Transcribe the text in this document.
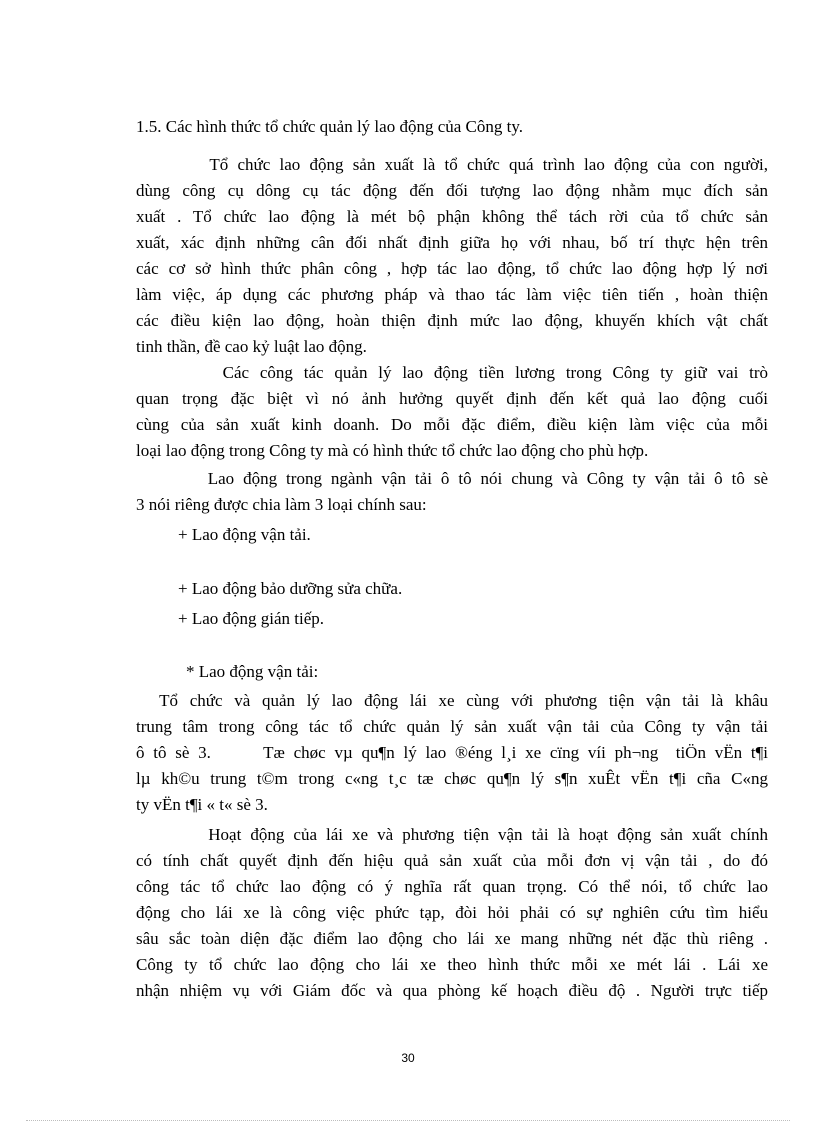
1.5. Các hình thức tổ chức quản lý lao động của Công ty.
Tổ chức lao động sản xuất là tổ chức quá trình lao động của con người,
dùng công cụ dông cụ tác động đến đối tượng lao động nhằm mục đích sản
xuất . Tổ chức lao động là mét bộ phận không thể tách rời của tổ chức sản
xuất, xác định những cân đối nhất định giữa họ với nhau, bố trí thực hện trên
các cơ sở hình thức phân công , hợp tác lao động, tổ chức lao động hợp lý nơi
làm việc, áp dụng các phương pháp và thao tác làm việc tiên tiến , hoàn thiện
các điều kiện lao động, hoàn thiện định mức lao động, khuyến khích vật chất
tinh thần, đề cao kỷ luật lao động.
Các công tác quản lý lao động tiền lương trong Công ty giữ vai trò
quan trọng đặc biệt vì nó ảnh hưởng quyết định đến kết quả lao động cuối
cùng của sản xuất kinh doanh. Do mỗi đặc điểm, điều kiện làm việc của mỗi
loại lao động trong Công ty mà có hình thức tổ chức lao động cho phù hợp.
Lao động trong ngành vận tải ô tô nói chung và Công ty vận tải ô tô sè
3 nói riêng được chia làm 3 loại chính sau:
+ Lao động vận tải.
+ Lao động bảo dưỡng sửa chữa.
+ Lao động gián tiếp.
* Lao động vận tải:
Tổ chức và quản lý lao động lái xe cùng với phương tiện vận tải là khâu
trung tâm trong công tác tổ chức quản lý sản xuất vận tải của Công ty vận tải
ô tô sè 3.      Tæ chøc vµ qu¶n lý lao ®éng l¸i xe cïng víi ph¬ng  tiÖn vËn t¶i
lµ kh©u trung t©m trong c«ng t¸c tæ chøc qu¶n lý s¶n xuÊt vËn t¶i cña C«ng
ty vËn t¶i « t« sè 3.
Hoạt động của lái xe và phương tiện vận tải là hoạt động sản xuất chính
có tính chất quyết định đến hiệu quả sản xuất của mỗi đơn vị vận tải , do đó
công tác tổ chức lao động có ý nghĩa rất quan trọng. Có thể nói, tổ chức lao
động cho lái xe là công việc phức tạp, đòi hỏi phải có sự nghiên cứu tìm hiểu
sâu sắc toàn diện đặc điểm lao động cho lái xe mang những nét đặc thù riêng .
Công ty tổ chức lao động cho lái xe theo hình thức mỗi xe mét lái . Lái xe
nhận nhiệm vụ với Giám đốc và qua phòng kế hoạch điều độ . Người trực tiếp
30
